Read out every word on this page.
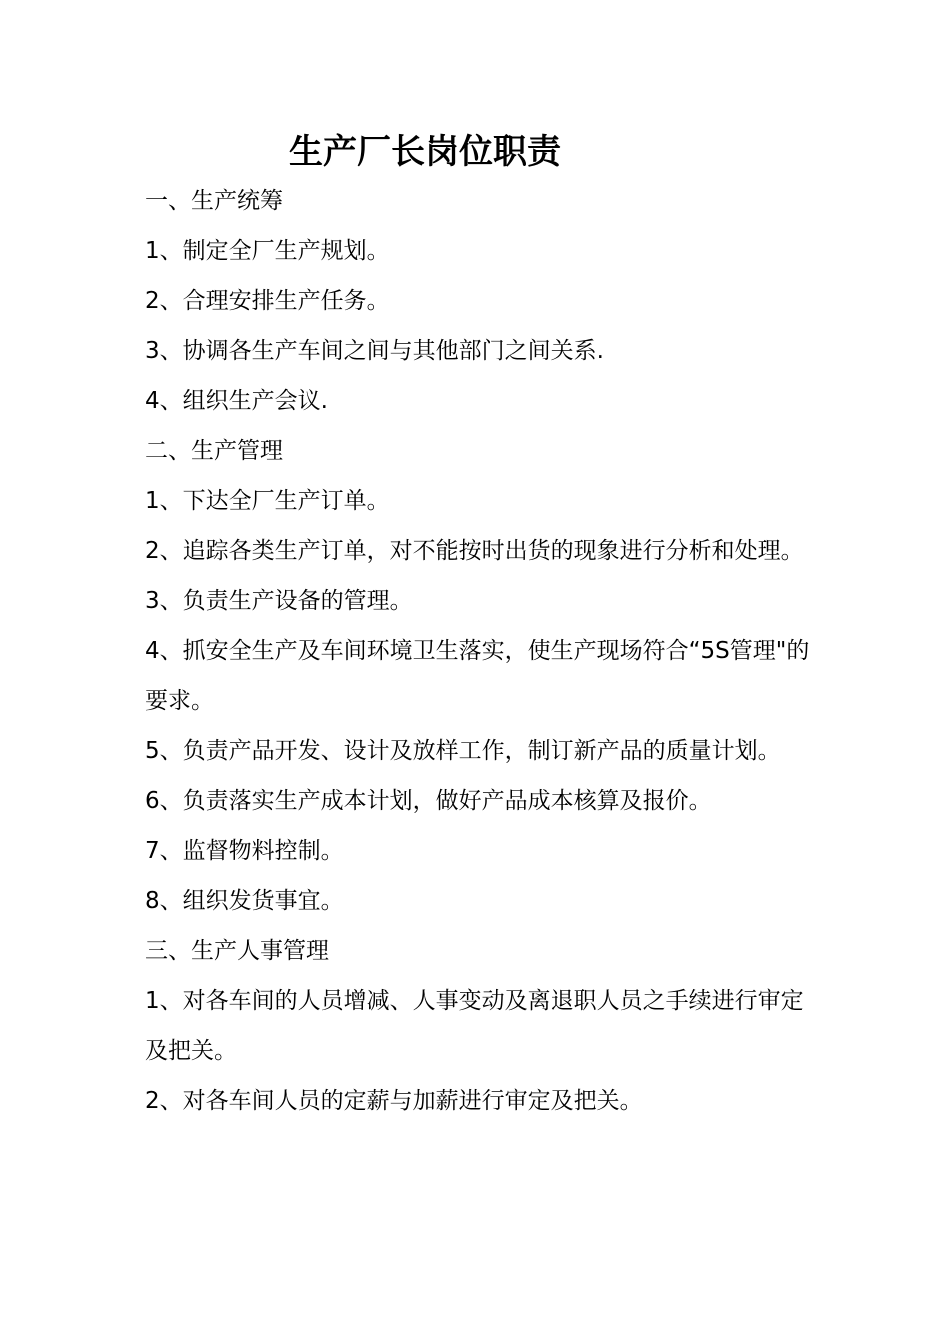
生产厂长岗位职责

一、生产统筹

1、制定全厂生产规划。

2、合理安排生产任务。

3、协调各生产车间之间与其他部门之间关系.

4、组织生产会议.

二、生产管理

1、下达全厂生产订单。

2、追踪各类生产订单，对不能按时出货的现象进行分析和处理。

3、负责生产设备的管理。

4、抓安全生产及车间环境卫生落实，使生产现场符合“5S管理"的要求。

5、负责产品开发、设计及放样工作，制订新产品的质量计划。

6、负责落实生产成本计划，做好产品成本核算及报价。

7、监督物料控制。

8、组织发货事宜。

三、生产人事管理

1、对各车间的人员增减、人事变动及离退职人员之手续进行审定及把关。

2、对各车间人员的定薪与加薪进行审定及把关。
